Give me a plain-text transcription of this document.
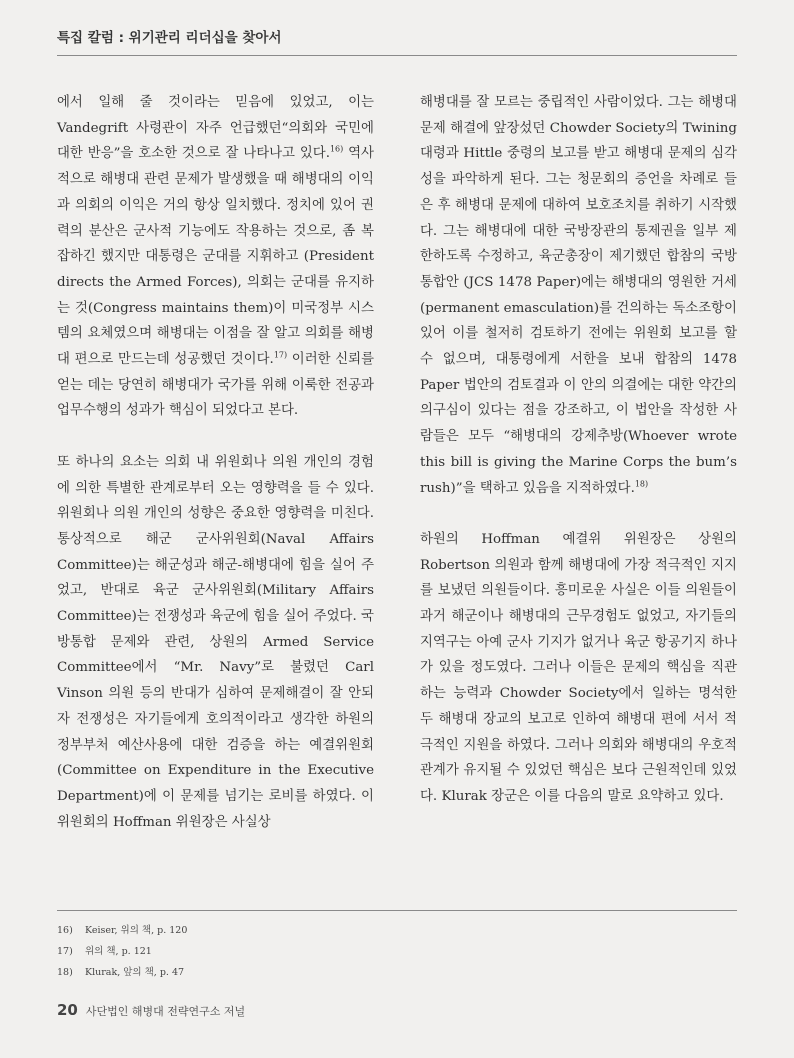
특집 칼럼 : 위기관리 리더십을 찾아서

에서 일해 줄 것이라는 믿음에 있었고, 이는 Vandegrift 사령관이 자주 언급했던“의회와 국민에 대한 반응”을 호소한 것으로 잘 나타나고 있다.$^{16)}$ 역사적으로 해병대 관련 문제가 발생했을 때 해병대의 이익과 의회의 이익은 거의 항상 일치했다. 정치에 있어 권력의 분산은 군사적 기능에도 작용하는 것으로, 좀 복잡하긴 했지만 대통령은 군대를 지휘하고 (President directs the Armed Forces), 의회는 군대를 유지하는 것(Congress maintains them)이 미국정부 시스템의 요체였으며 해병대는 이점을 잘 알고 의회를 해병대 편으로 만드는데 성공했던 것이다.$^{17)}$ 이러한 신뢰를 얻는 데는 당연히 해병대가 국가를 위해 이룩한 전공과 업무수행의 성과가 핵심이 되었다고 본다.

또 하나의 요소는 의회 내 위원회나 의원 개인의 경험에 의한 특별한 관계로부터 오는 영향력을 들 수 있다. 위원회나 의원 개인의 성향은 중요한 영향력을 미친다. 통상적으로 해군 군사위원회(Naval Affairs Committee)는 해군성과 해군-해병대에 힘을 실어 주었고, 반대로 육군 군사위원회(Military Affairs Committee)는 전쟁성과 육군에 힘을 실어 주었다. 국방통합 문제와 관련, 상원의 Armed Service Committee에서 “Mr. Navy”로 불렸던 Carl Vinson 의원 등의 반대가 심하여 문제해결이 잘 안되자 전쟁성은 자기들에게 호의적이라고 생각한 하원의 정부부처 예산사용에 대한 검증을 하는 예결위원회(Committee on Expenditure in the Executive Department)에 이 문제를 넘기는 로비를 하였다. 이 위원회의 Hoffman 위원장은 사실상

해병대를 잘 모르는 중립적인 사람이었다. 그는 해병대 문제 해결에 앞장섰던 Chowder Society의 Twining 대령과 Hittle 중령의 보고를 받고 해병대 문제의 심각성을 파악하게 된다. 그는 청문회의 증언을 차례로 들은 후 해병대 문제에 대하여 보호조치를 취하기 시작했다. 그는 해병대에 대한 국방장관의 통제권을 일부 제한하도록 수정하고, 육군총장이 제기했던 합참의 국방통합안 (JCS 1478 Paper)에는 해병대의 영원한 거세(permanent emasculation)를 건의하는 독소조항이 있어 이를 철저히 검토하기 전에는 위원회 보고를 할 수 없으며, 대통령에게 서한을 보내 합참의 1478 Paper 법안의 검토결과 이 안의 의결에는 대한 약간의 의구심이 있다는 점을 강조하고, 이 법안을 작성한 사람들은 모두 “해병대의 강제추방(Whoever wrote this bill is giving the Marine Corps the bum’s rush)”을 택하고 있음을 지적하였다.$^{18)}$

하원의 Hoffman 예결위 위원장은 상원의 Robertson 의원과 함께 해병대에 가장 적극적인 지지를 보냈던 의원들이다. 흥미로운 사실은 이들 의원들이 과거 해군이나 해병대의 근무경험도 없었고, 자기들의 지역구는 아예 군사 기지가 없거나 육군 항공기지 하나가 있을 정도였다. 그러나 이들은 문제의 핵심을 직관하는 능력과 Chowder Society에서 일하는 명석한 두 해병대 장교의 보고로 인하여 해병대 편에 서서 적극적인 지원을 하였다. 그러나 의회와 해병대의 우호적 관계가 유지될 수 있었던 핵심은 보다 근원적인데 있었다. Klurak 장군은 이를 다음의 말로 요약하고 있다.

16) Keiser, 위의 책, p. 120
17) 위의 책, p. 121
18) Klurak, 앞의 책, p. 47
20 사단법인 해병대 전략연구소 저널
